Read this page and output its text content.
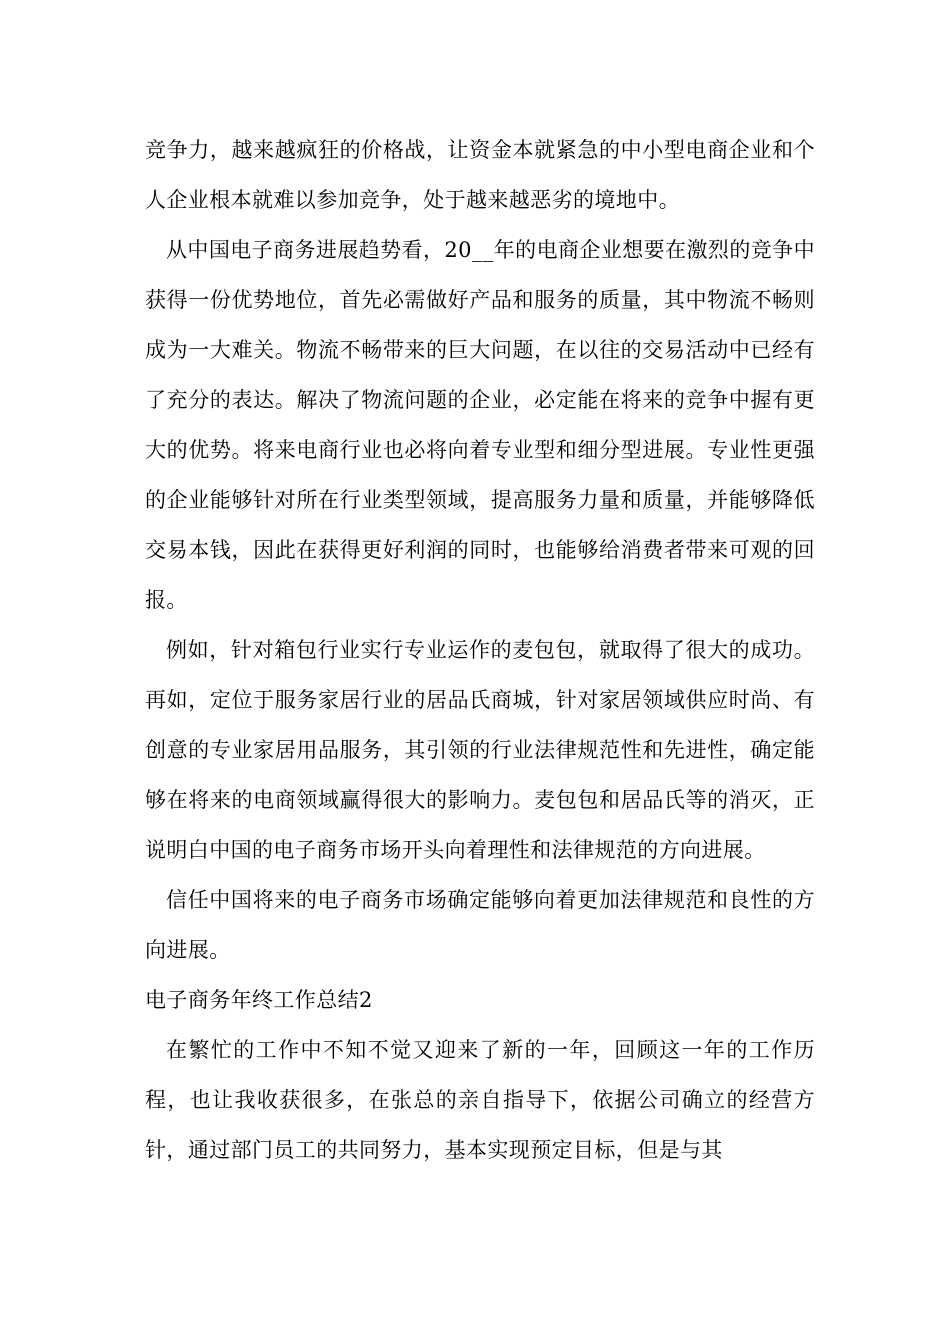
竞争力，越来越疯狂的价格战，让资金本就紧急的中小型电商企业和个人企业根本就难以参加竞争，处于越来越恶劣的境地中。

从中国电子商务进展趋势看，20__年的电商企业想要在激烈的竞争中获得一份优势地位，首先必需做好产品和服务的质量，其中物流不畅则成为一大难关。物流不畅带来的巨大问题，在以往的交易活动中已经有了充分的表达。解决了物流问题的企业，必定能在将来的竞争中握有更大的优势。将来电商行业也必将向着专业型和细分型进展。专业性更强的企业能够针对所在行业类型领域，提高服务力量和质量，并能够降低交易本钱，因此在获得更好利润的同时，也能够给消费者带来可观的回报。

例如，针对箱包行业实行专业运作的麦包包，就取得了很大的成功。再如，定位于服务家居行业的居品氏商城，针对家居领域供应时尚、有创意的专业家居用品服务，其引领的行业法律规范性和先进性，确定能够在将来的电商领域赢得很大的影响力。麦包包和居品氏等的消灭，正说明白中国的电子商务市场开头向着理性和法律规范的方向进展。

信任中国将来的电子商务市场确定能够向着更加法律规范和良性的方向进展。

电子商务年终工作总结2

在繁忙的工作中不知不觉又迎来了新的一年，回顾这一年的工作历程，也让我收获很多，在张总的亲自指导下，依据公司确立的经营方针，通过部门员工的共同努力，基本实现预定目标，但是与其
